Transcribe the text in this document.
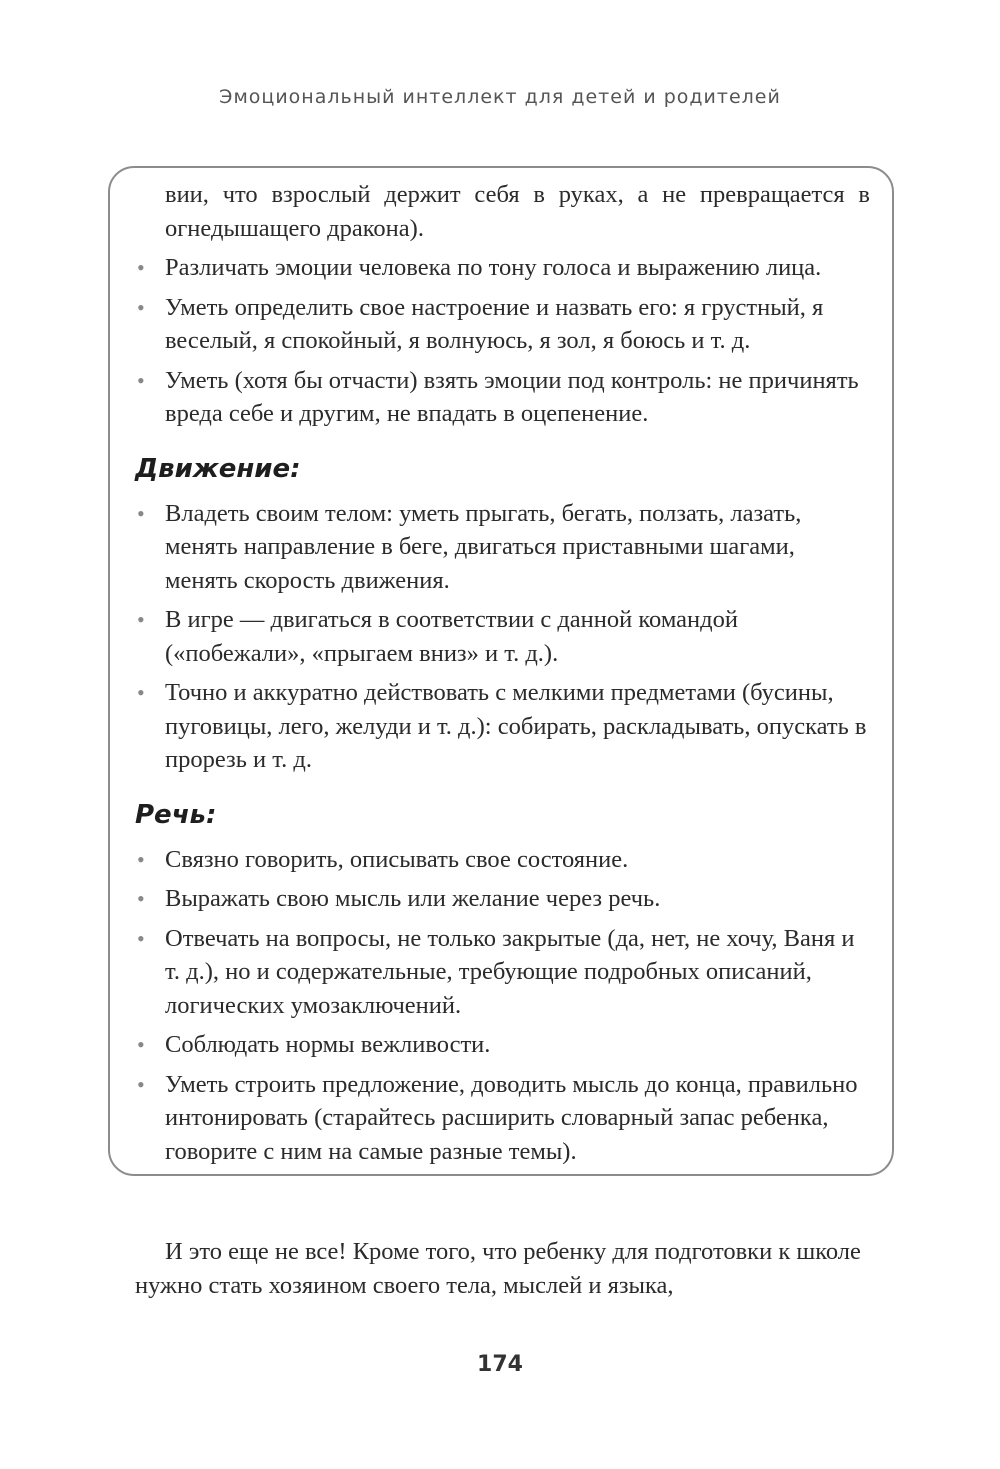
Эмоциональный интеллект для детей и родителей

вии, что взрослый держит себя в руках, а не превращается в огнедышащего дракона).

• Различать эмоции человека по тону голоса и выражению лица.
• Уметь определить свое настроение и назвать его: я грустный, я веселый, я спокойный, я волнуюсь, я зол, я боюсь и т. д.
• Уметь (хотя бы отчасти) взять эмоции под контроль: не причинять вреда себе и другим, не впадать в оцепенение.
Движение:
• Владеть своим телом: уметь прыгать, бегать, ползать, лазать, менять направление в беге, двигаться приставными шагами, менять скорость движения.
• В игре — двигаться в соответствии с данной командой («побежали», «прыгаем вниз» и т. д.).
• Точно и аккуратно действовать с мелкими предметами (бусины, пуговицы, лего, желуди и т. д.): собирать, раскладывать, опускать в прорезь и т. д.
Речь:
• Связно говорить, описывать свое состояние.
• Выражать свою мысль или желание через речь.
• Отвечать на вопросы, не только закрытые (да, нет, не хочу, Ваня и т. д.), но и содержательные, требующие подробных описаний, логических умозаключений.
• Соблюдать нормы вежливости.
• Уметь строить предложение, доводить мысль до конца, правильно интонировать (старайтесь расширить словарный запас ребенка, говорите с ним на самые разные темы).

И это еще не все! Кроме того, что ребенку для подготовки к школе нужно стать хозяином своего тела, мыслей и языка,

174
